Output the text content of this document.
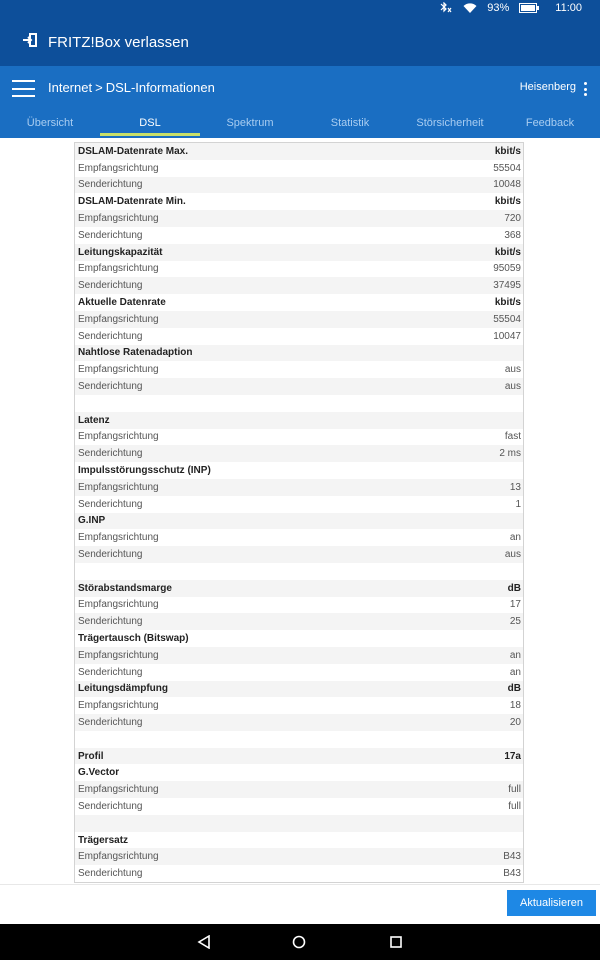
93%	11:00
FRITZ!Box verlassen
Internet > DSL-Informationen	Heisenberg
Übersicht	DSL	Spektrum	Statistik	Störsicherheit	Feedback
DSLAM-Datenrate Max.	kbit/s
Empfangsrichtung	55504
Senderichtung	10048
DSLAM-Datenrate Min.	kbit/s
Empfangsrichtung	720
Senderichtung	368
Leitungskapazität	kbit/s
Empfangsrichtung	95059
Senderichtung	37495
Aktuelle Datenrate	kbit/s
Empfangsrichtung	55504
Senderichtung	10047
Nahtlose Ratenadaption
Empfangsrichtung	aus
Senderichtung	aus
Latenz
Empfangsrichtung	fast
Senderichtung	2 ms
Impulsstörungsschutz (INP)
Empfangsrichtung	13
Senderichtung	1
G.INP
Empfangsrichtung	an
Senderichtung	aus
Störabstandsmarge	dB
Empfangsrichtung	17
Senderichtung	25
Trägertausch (Bitswap)
Empfangsrichtung	an
Senderichtung	an
Leitungsdämpfung	dB
Empfangsrichtung	18
Senderichtung	20
Profil	17a
G.Vector
Empfangsrichtung	full
Senderichtung	full
Trägersatz
Empfangsrichtung	B43
Senderichtung	B43
Aktualisieren
